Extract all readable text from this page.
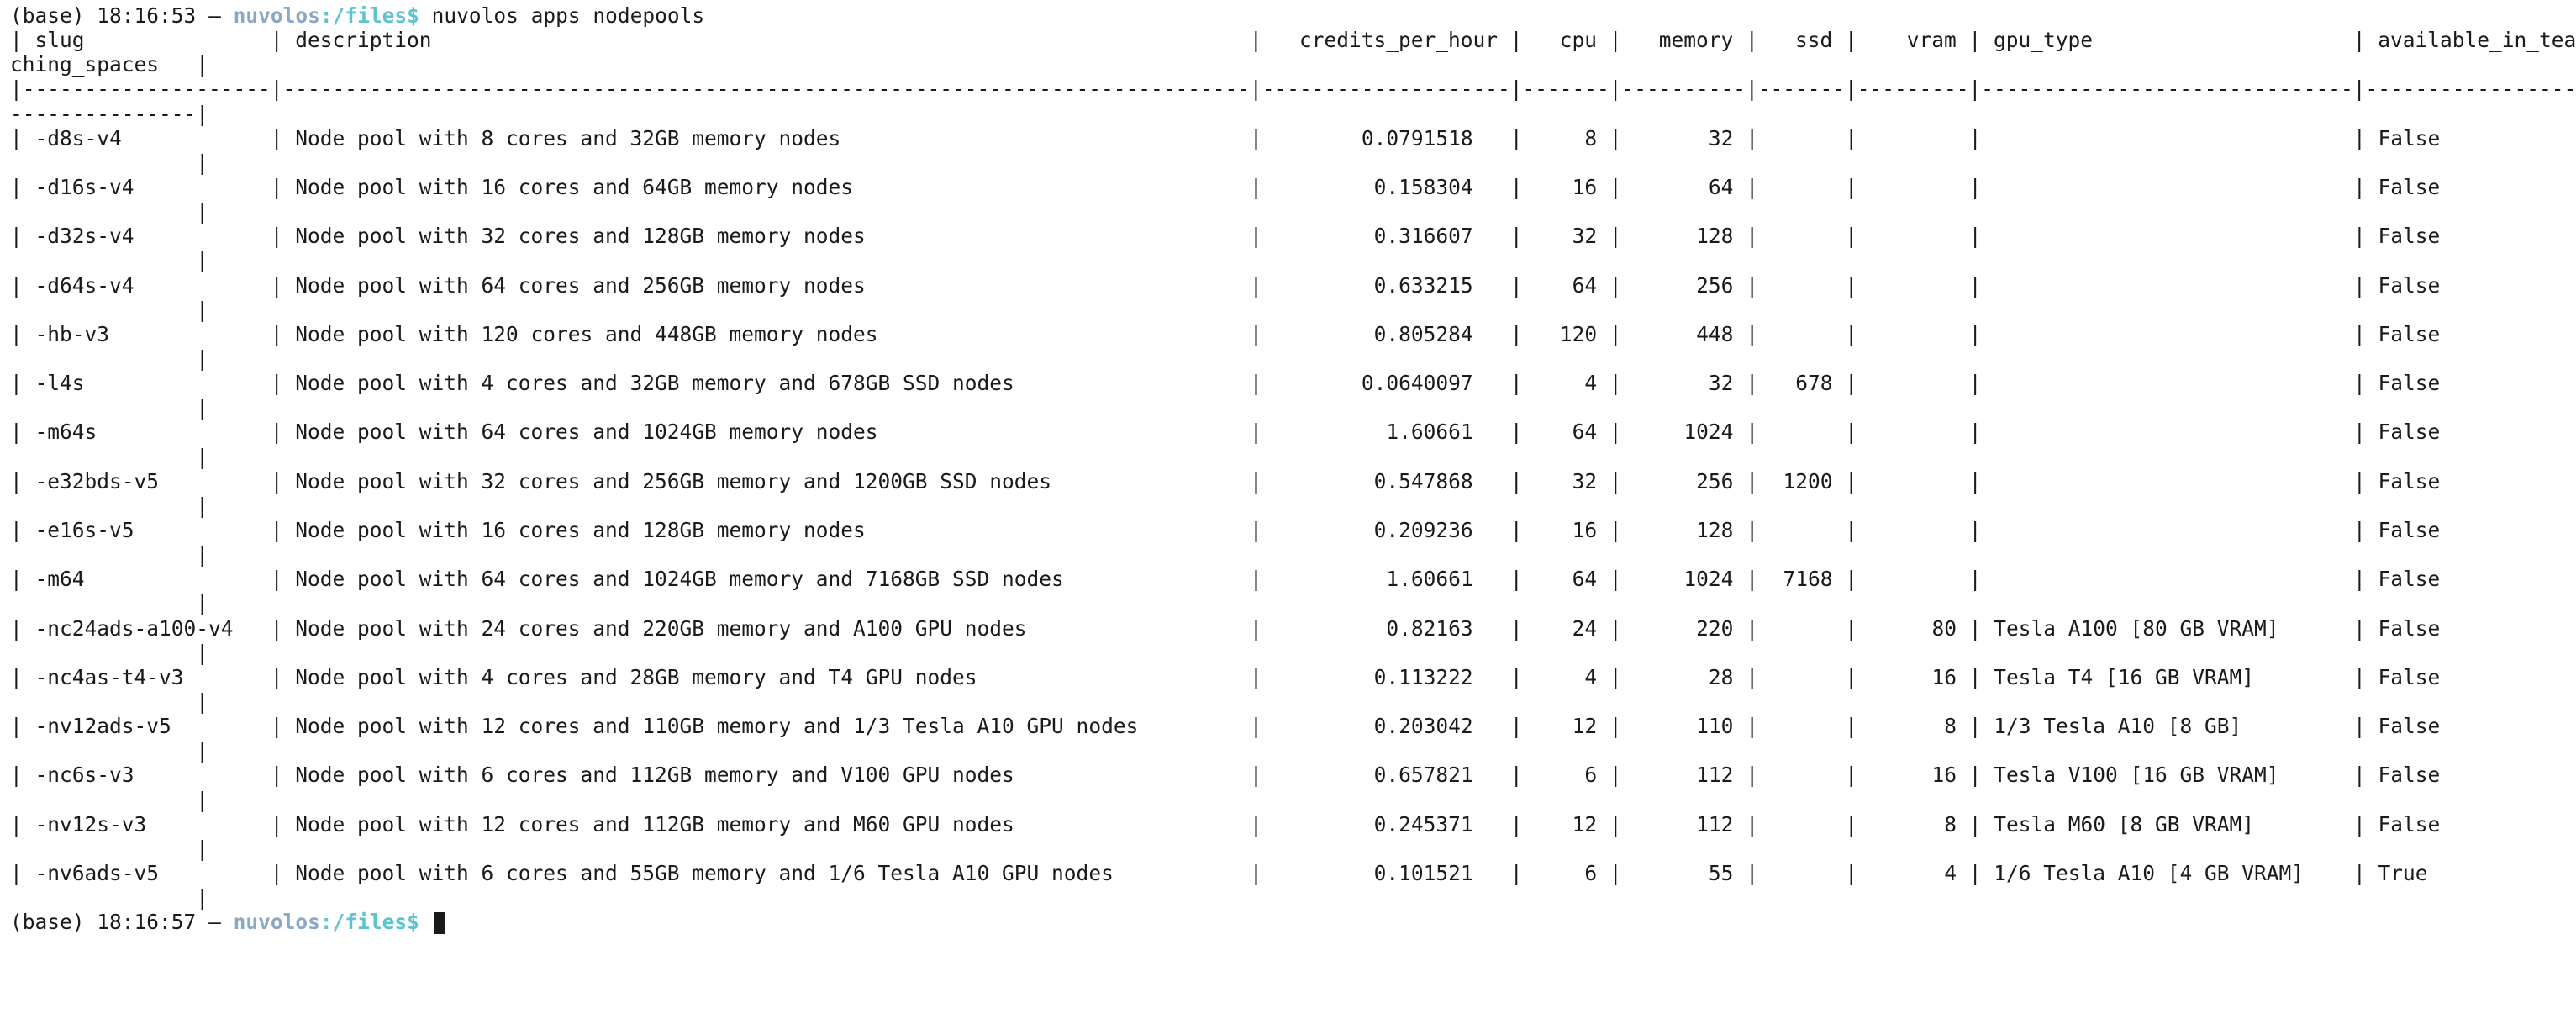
(base) 18:16:53 – nuvolos:/files$ nuvolos apps nodepools
| slug               | description                                                                  |   credits_per_hour |   cpu |   memory |   ssd |    vram | gpu_type                     | available_in_tea
ching_spaces   |
|--------------------|------------------------------------------------------------------------------|--------------------|-------|----------|-------|---------|------------------------------|-----------------
---------------|
| -d8s-v4            | Node pool with 8 cores and 32GB memory nodes                                 |	0.0791518   |     8 |       32 |	|	|	| False
|
| -d16s-v4           | Node pool with 16 cores and 64GB memory nodes                                |	0.158304   |    16 |       64 |	|	|	| False
|
| -d32s-v4           | Node pool with 32 cores and 128GB memory nodes                               |	0.316607   |    32 |      128 |	|	|	| False
|
| -d64s-v4           | Node pool with 64 cores and 256GB memory nodes                               |	0.633215   |    64 |      256 |	|	|	| False
|
| -hb-v3             | Node pool with 120 cores and 448GB memory nodes                              |	0.805284   |   120 |      448 |	|	|	| False
|
| -l4s               | Node pool with 4 cores and 32GB memory and 678GB SSD nodes                   |	0.0640097   |     4 |       32 |   678 |	|	| False
|
| -m64s              | Node pool with 64 cores and 1024GB memory nodes                              |	1.60661   |    64 |     1024 |	|	|	| False
|
| -e32bds-v5         | Node pool with 32 cores and 256GB memory and 1200GB SSD nodes                |	0.547868   |    32 |      256 |  1200 |	|	| False
|
| -e16s-v5           | Node pool with 16 cores and 128GB memory nodes                               |	0.209236   |    16 |      128 |	|	|	| False
|
| -m64               | Node pool with 64 cores and 1024GB memory and 7168GB SSD nodes               |	1.60661   |    64 |     1024 |  7168 |	|	| False
|
| -nc24ads-a100-v4   | Node pool with 24 cores and 220GB memory and A100 GPU nodes                  |	0.82163   |    24 |      220 |	|      80 | Tesla A100 [80 GB VRAM]      | False
|
| -nc4as-t4-v3       | Node pool with 4 cores and 28GB memory and T4 GPU nodes                      |	0.113222   |     4 |       28 |	|      16 | Tesla T4 [16 GB VRAM]        | False
|
| -nv12ads-v5        | Node pool with 12 cores and 110GB memory and 1/3 Tesla A10 GPU nodes         |	0.203042   |    12 |      110 |	|       8 | 1/3 Tesla A10 [8 GB]         | False
|
| -nc6s-v3           | Node pool with 6 cores and 112GB memory and V100 GPU nodes                   |	0.657821   |     6 |      112 |	|      16 | Tesla V100 [16 GB VRAM]      | False
|
| -nv12s-v3          | Node pool with 12 cores and 112GB memory and M60 GPU nodes                   |	0.245371   |    12 |      112 |	|       8 | Tesla M60 [8 GB VRAM]        | False
|
| -nv6ads-v5         | Node pool with 6 cores and 55GB memory and 1/6 Tesla A10 GPU nodes           |	0.101521   |     6 |       55 |	|       4 | 1/6 Tesla A10 [4 GB VRAM]    | True
|
(base) 18:16:57 – nuvolos:/files$
